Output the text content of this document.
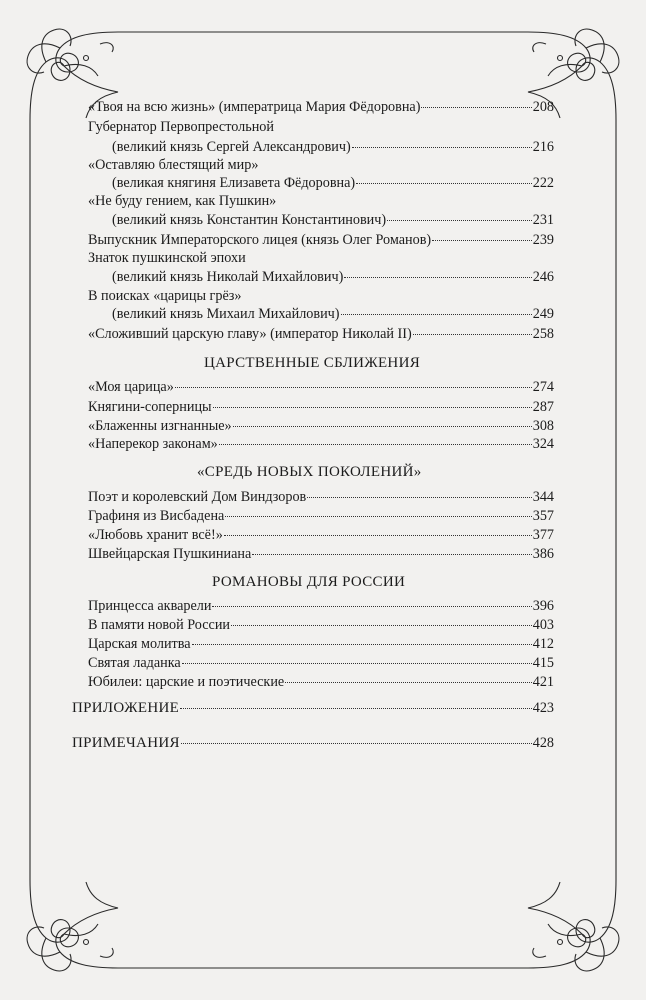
«Твоя на всю жизнь» (императрица Мария Фёдоровна)	208
Губернатор Первопрестольной
(великий князь Сергей Александрович)	216
«Оставляю блестящий мир»
(великая княгиня Елизавета Фёдоровна)	222
«Не буду гением, как Пушкин»
(великий князь Константин Константинович)	231
Выпускник Императорского лицея (князь Олег Романов)	239
Знаток пушкинской эпохи
(великий князь Николай Михайлович)	246
В поисках «царицы грёз»
(великий князь Михаил Михайлович)	249
«Сложивший царскую главу» (император Николай II)	258
ЦАРСТВЕННЫЕ СБЛИЖЕНИЯ
«Моя царица»	274
Княгини-соперницы	287
«Блаженны изгнанные»	308
«Наперекор законам»	324
«СРЕДЬ НОВЫХ ПОКОЛЕНИЙ»
Поэт и королевский Дом Виндзоров	344
Графиня из Висбадена	357
«Любовь хранит всё!»	377
Швейцарская Пушкиниана	386
РОМАНОВЫ ДЛЯ РОССИИ
Принцесса акварели	396
В памяти новой России	403
Царская молитва	412
Святая ладанка	415
Юбилеи: царские и поэтические	421
ПРИЛОЖЕНИЕ	423
ПРИМЕЧАНИЯ	428
